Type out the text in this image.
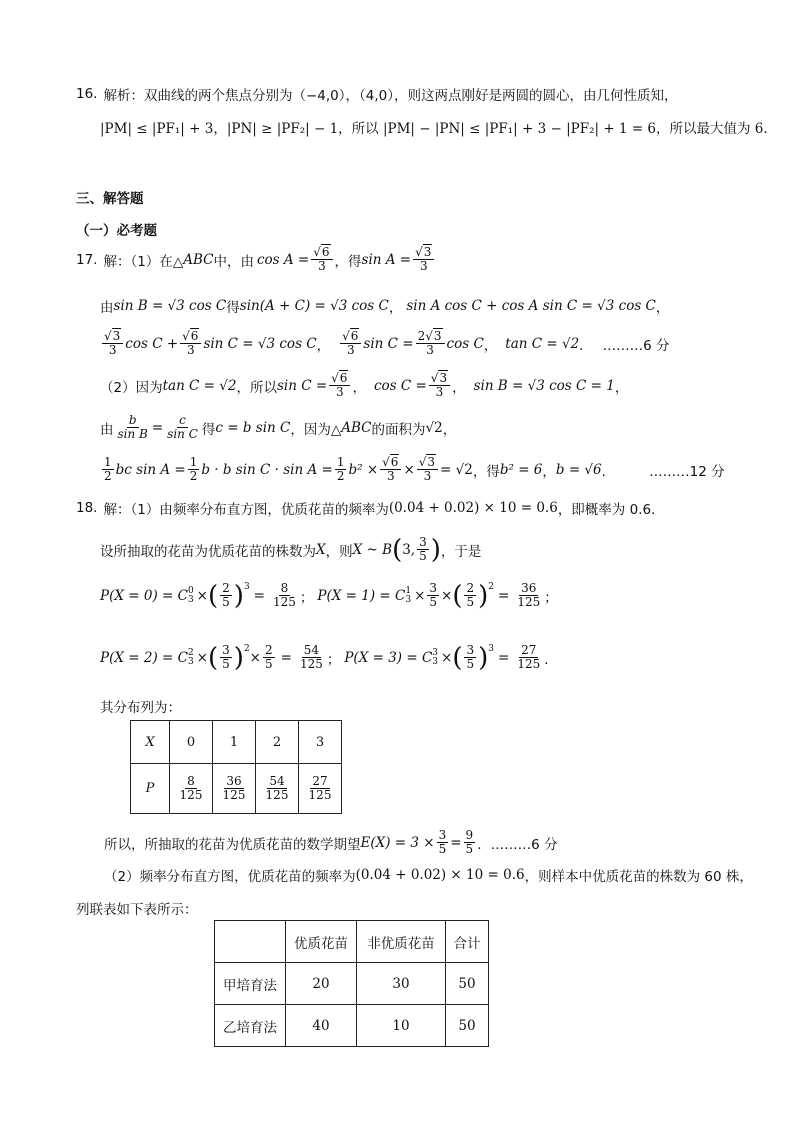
16. 解析：双曲线的两个焦点分别为（−4,0），（4,0），则这两点刚好是两圆的圆心，由几何性质知，
|PM| ≤ |PF₁| + 3，|PN| ≥ |PF₂| − 1，所以 |PM| − |PN| ≤ |PF₁| + 3 − |PF₂| + 1 = 6，所以最大值为 6．
三、解答题
（一）必考题
17. 解：（1）在△ ABC 中，由 $\cos A = \frac{√6}{3}$ ，得 $\sin A = \frac{√3}{3}$
由 sin B = √3 cos C 得 sin(A + C) = √3 cos C ， sin A cos C + cos A sin C = √3 cos C ，
$\frac{√3}{3}$ $\cos C + \frac{√6}{3}$ sin C = √3 cos C ， $\frac{√6}{3}$ $\sin C = \frac{2√3}{3}$ cos C ， tan C = √2 ． ………6 分
（2）因为 tan C = √2 ，所以 $\sin C = \frac{√6}{3}$ ， $\cos C = \frac{√3}{3}$ ， sin B = √3 cos C = 1 ，
由 $\frac{b}{\text{sin B}} = \frac{c}{\text{sin C}}$ 得 c = b sin C ，因为△ ABC 的面积为 √2 ，
$\frac{1}{2}$ bc $\sin A = \frac{1}{2}$ b · b $\sin C \cdot \sin A = \frac{1}{2} b^2 \times \frac{√6}{3} \times \frac{√3}{3} = √2$ ，得 b² = 6 ， b = √6 ．	………12 分
18. 解：（1）由频率分布直方图，优质花苗的频率为 (0.04 + 0.02) × 10 = 0.6 ，即概率为 0.6．
设所抽取的花苗为优质花苗的株数为 X ，则 X ~ B ( 3, $\frac{3}{5}$ ) ，于是
P(X = 0) = C 0
3 × ( $\frac{2}{5} )^3$
= $\frac{8}{125}$ ； P(X = 1) = C 1
$3 \times \frac{3}{5}$ × ( $\frac{2}{5} )^2$
= $\frac{36}{125}$ ；
P(X = 2) = C 2
3 × ( $\frac{3}{5} )^2$
× $\frac{2}{5} = \frac{54}{125}$ ； P(X = 3) = C 3
3 × ( $\frac{3}{5} )^3$
= $\frac{27}{125}$ ．
其分布列为：
X	0	1	2	3
P	$\frac{8}{125}$	$\frac{36}{125}$	$\frac{54}{125}$	$\frac{27}{125}$
所以，所抽取的花苗为优质花苗的数学期望 $E(X) = 3 \times \frac{3}{5} = \frac{9}{5}$ ．………6 分
（2）频率分布直方图，优质花苗的频率为 (0.04 + 0.02) × 10 = 0.6 ，则样本中优质花苗的株数为 60 株，
列联表如下表所示：
	优质花苗	非优质花苗	合计
甲培育法	20	30	50
乙培育法	40	10	50
